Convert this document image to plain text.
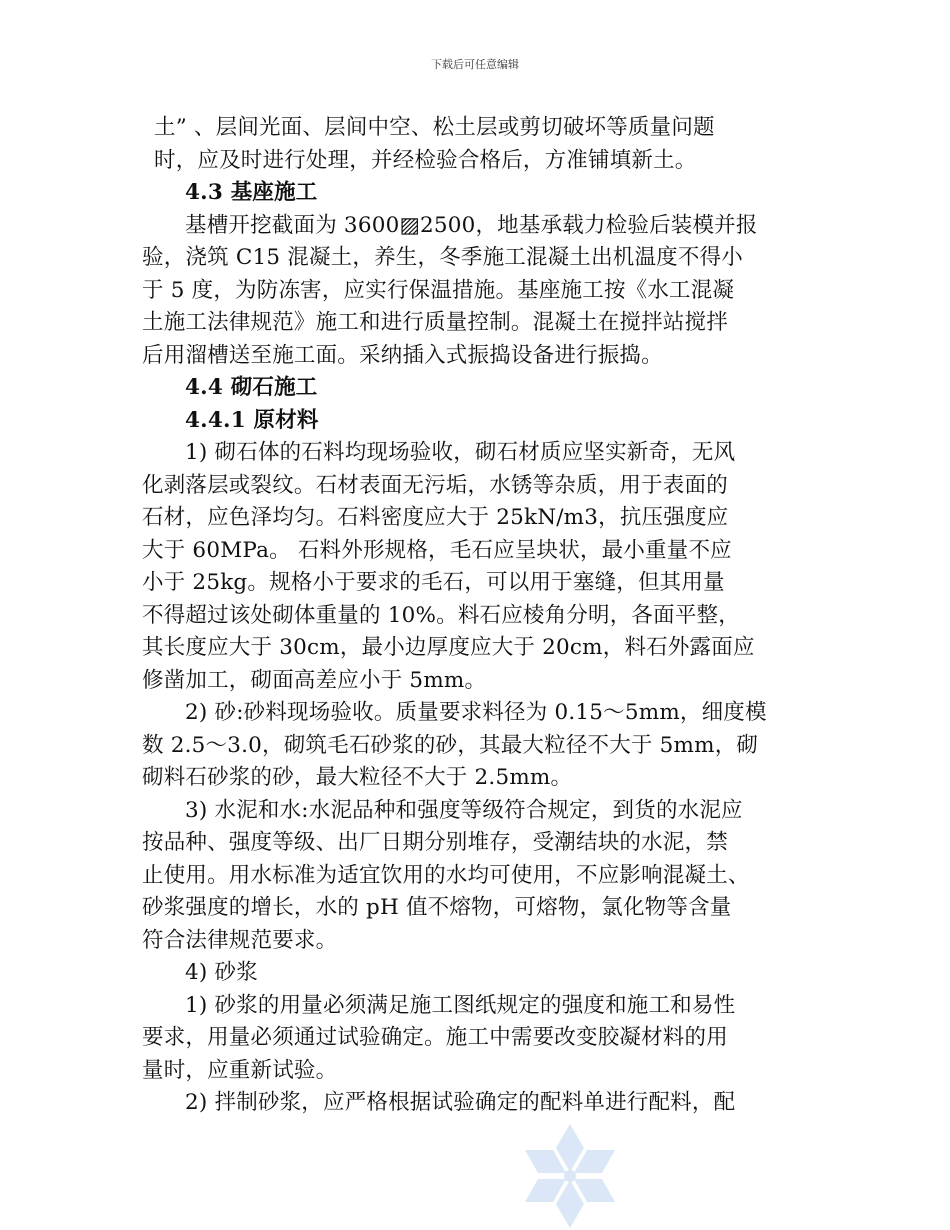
下载后可任意编辑
土” 、层间光面、层间中空、松土层或剪切破坏等质量问题
时，应及时进行处理，并经检验合格后，方准铺填新土。
4.3 基座施工
基槽开挖截面为 3600▨2500，地基承载力检验后装模并报
验，浇筑 C15 混凝土，养生，冬季施工混凝土出机温度不得小
于 5 度，为防冻害，应实行保温措施。基座施工按《水工混凝
土施工法律规范》施工和进行质量控制。混凝土在搅拌站搅拌
后用溜槽送至施工面。采纳插入式振捣设备进行振捣。
4.4 砌石施工
4.4.1 原材料
1) 砌石体的石料均现场验收，砌石材质应坚实新奇，无风
化剥落层或裂纹。石材表面无污垢，水锈等杂质，用于表面的
石材，应色泽均匀。石料密度应大于 25kN/m3，抗压强度应
大于 60MPa。 石料外形规格，毛石应呈块状，最小重量不应
小于 25kg。规格小于要求的毛石，可以用于塞缝，但其用量
不得超过该处砌体重量的 10%。料石应棱角分明，各面平整，
其长度应大于 30cm，最小边厚度应大于 20cm，料石外露面应
修凿加工，砌面高差应小于 5mm。
2) 砂:砂料现场验收。质量要求料径为 0.15～5mm，细度模
数 2.5～3.0，砌筑毛石砂浆的砂，其最大粒径不大于 5mm，砌
砌料石砂浆的砂，最大粒径不大于 2.5mm。
3) 水泥和水:水泥品种和强度等级符合规定，到货的水泥应
按品种、强度等级、出厂日期分别堆存，受潮结块的水泥，禁
止使用。用水标准为适宜饮用的水均可使用，不应影响混凝土、
砂浆强度的增长，水的 pH 值不熔物，可熔物，氯化物等含量
符合法律规范要求。
4) 砂浆
1) 砂浆的用量必须满足施工图纸规定的强度和施工和易性
要求，用量必须通过试验确定。施工中需要改变胶凝材料的用
量时，应重新试验。
2) 拌制砂浆，应严格根据试验确定的配料单进行配料，配
